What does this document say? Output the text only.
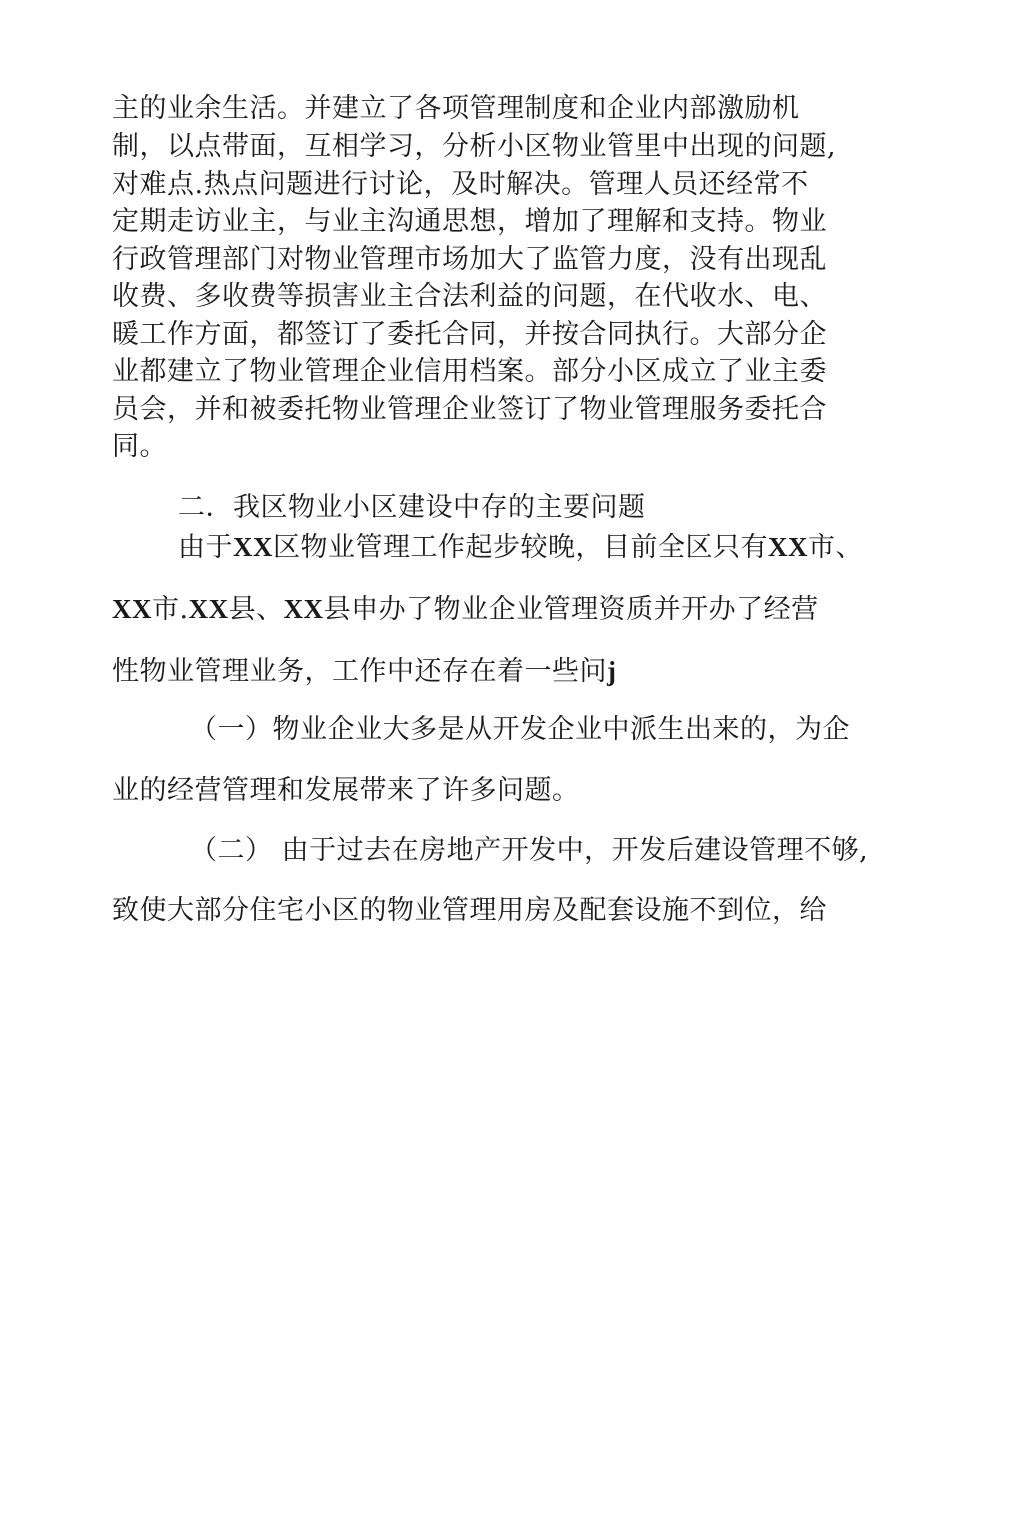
主的业余生活。并建立了各项管理制度和企业内部激励机
制，以点带面，互相学习，分析小区物业管里中出现的问题,
对难点.热点问题进行讨论，及时解决。管理人员还经常不
定期走访业主，与业主沟通思想，增加了理解和支持。物业
行政管理部门对物业管理市场加大了监管力度，没有出现乱
收费、多收费等损害业主合法利益的问题，在代收水、电、
暖工作方面，都签订了委托合同，并按合同执行。大部分企
业都建立了物业管理企业信用档案。部分小区成立了业主委
员会，并和被委托物业管理企业签订了物业管理服务委托合
同。
二．我区物业小区建设中存的主要问题
由于XX区物业管理工作起步较晚，目前全区只有XX市、
XX市.XX县、XX县申办了物业企业管理资质并开办了经营
性物业管理业务，工作中还存在着一些问j
（一）物业企业大多是从开发企业中派生出来的，为企
业的经营管理和发展带来了许多问题。
（二） 由于过去在房地产开发中，开发后建设管理不够,
致使大部分住宅小区的物业管理用房及配套设施不到位，给
